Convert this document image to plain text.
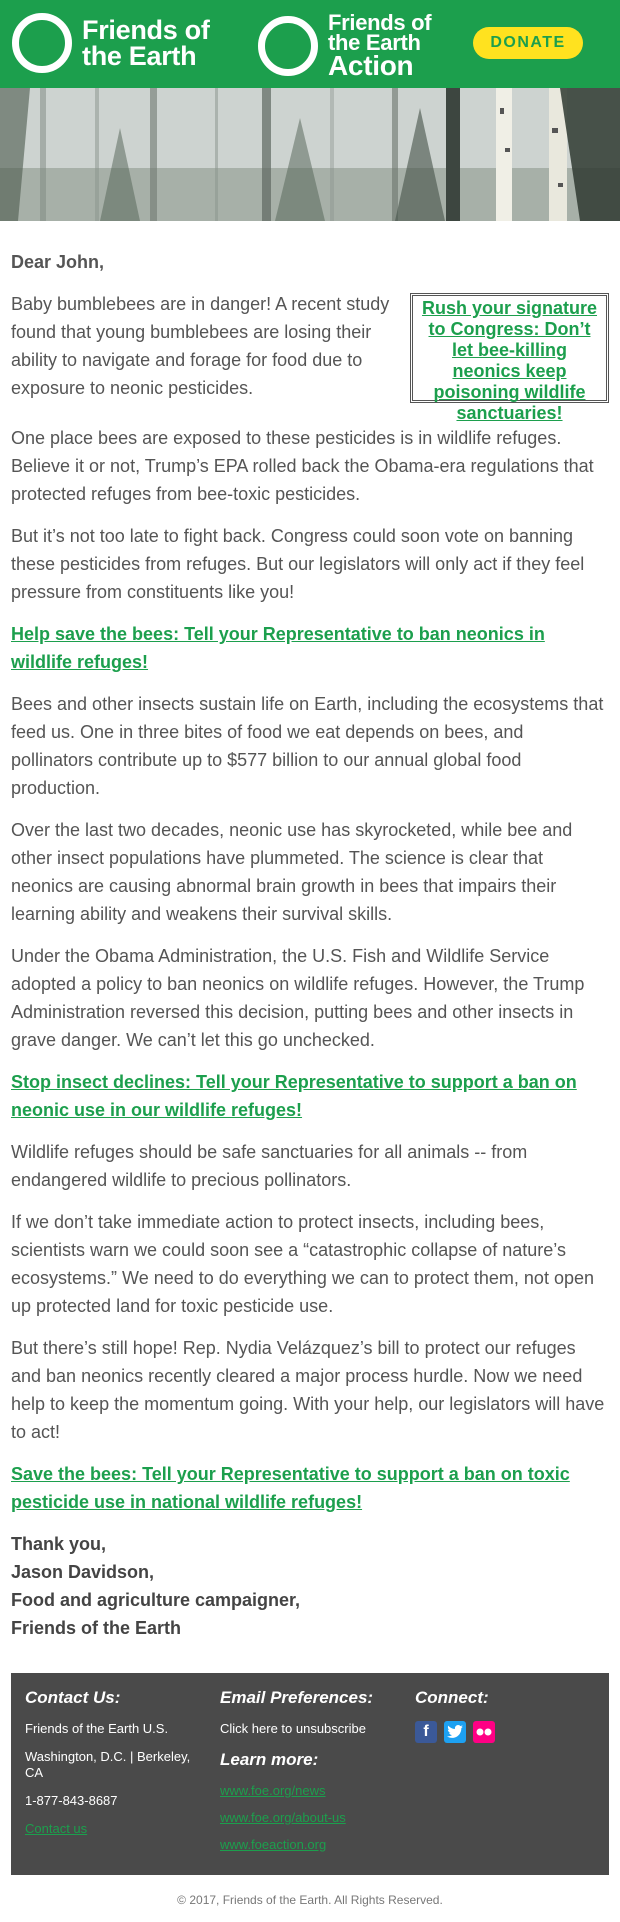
Friends of
the Earth
Friends of
the Earth
Action
DONATE

Dear John,

Baby bumblebees are in danger! A recent study found that young bumblebees are losing their ability to navigate and forage for food due to exposure to neonic pesticides.

Rush your signature to Congress: Don’t let bee-killing neonics keep poisoning wildlife sanctuaries!

One place bees are exposed to these pesticides is in wildlife refuges. Believe it or not, Trump’s EPA rolled back the Obama-era regulations that protected refuges from bee-toxic pesticides.

But it’s not too late to fight back. Congress could soon vote on banning these pesticides from refuges. But our legislators will only act if they feel pressure from constituents like you!

Help save the bees: Tell your Representative to ban neonics in wildlife refuges!

Bees and other insects sustain life on Earth, including the ecosystems that feed us. One in three bites of food we eat depends on bees, and pollinators contribute up to $577 billion to our annual global food production.

Over the last two decades, neonic use has skyrocketed, while bee and other insect populations have plummeted. The science is clear that neonics are causing abnormal brain growth in bees that impairs their learning ability and weakens their survival skills.

Under the Obama Administration, the U.S. Fish and Wildlife Service adopted a policy to ban neonics on wildlife refuges. However, the Trump Administration reversed this decision, putting bees and other insects in grave danger. We can’t let this go unchecked.

Stop insect declines: Tell your Representative to support a ban on neonic use in our wildlife refuges!

Wildlife refuges should be safe sanctuaries for all animals -- from endangered wildlife to precious pollinators.

If we don’t take immediate action to protect insects, including bees, scientists warn we could soon see a “catastrophic collapse of nature’s ecosystems.” We need to do everything we can to protect them, not open up protected land for toxic pesticide use.

But there’s still hope! Rep. Nydia Velázquez’s bill to protect our refuges and ban neonics recently cleared a major process hurdle. Now we need help to keep the momentum going. With your help, our legislators will have to act!

Save the bees: Tell your Representative to support a ban on toxic pesticide use in national wildlife refuges!
Thank you,
Jason Davidson,
Food and agriculture campaigner,
Friends of the Earth
Contact Us:
Friends of the Earth U.S.
Washington, D.C. | Berkeley, CA
1-877-843-8687
Contact us
Email Preferences:
Click here to unsubscribe
Learn more:
www.foe.org/news
www.foe.org/about-us
www.foeaction.org
Connect:
f
© 2017, Friends of the Earth. All Rights Reserved.
